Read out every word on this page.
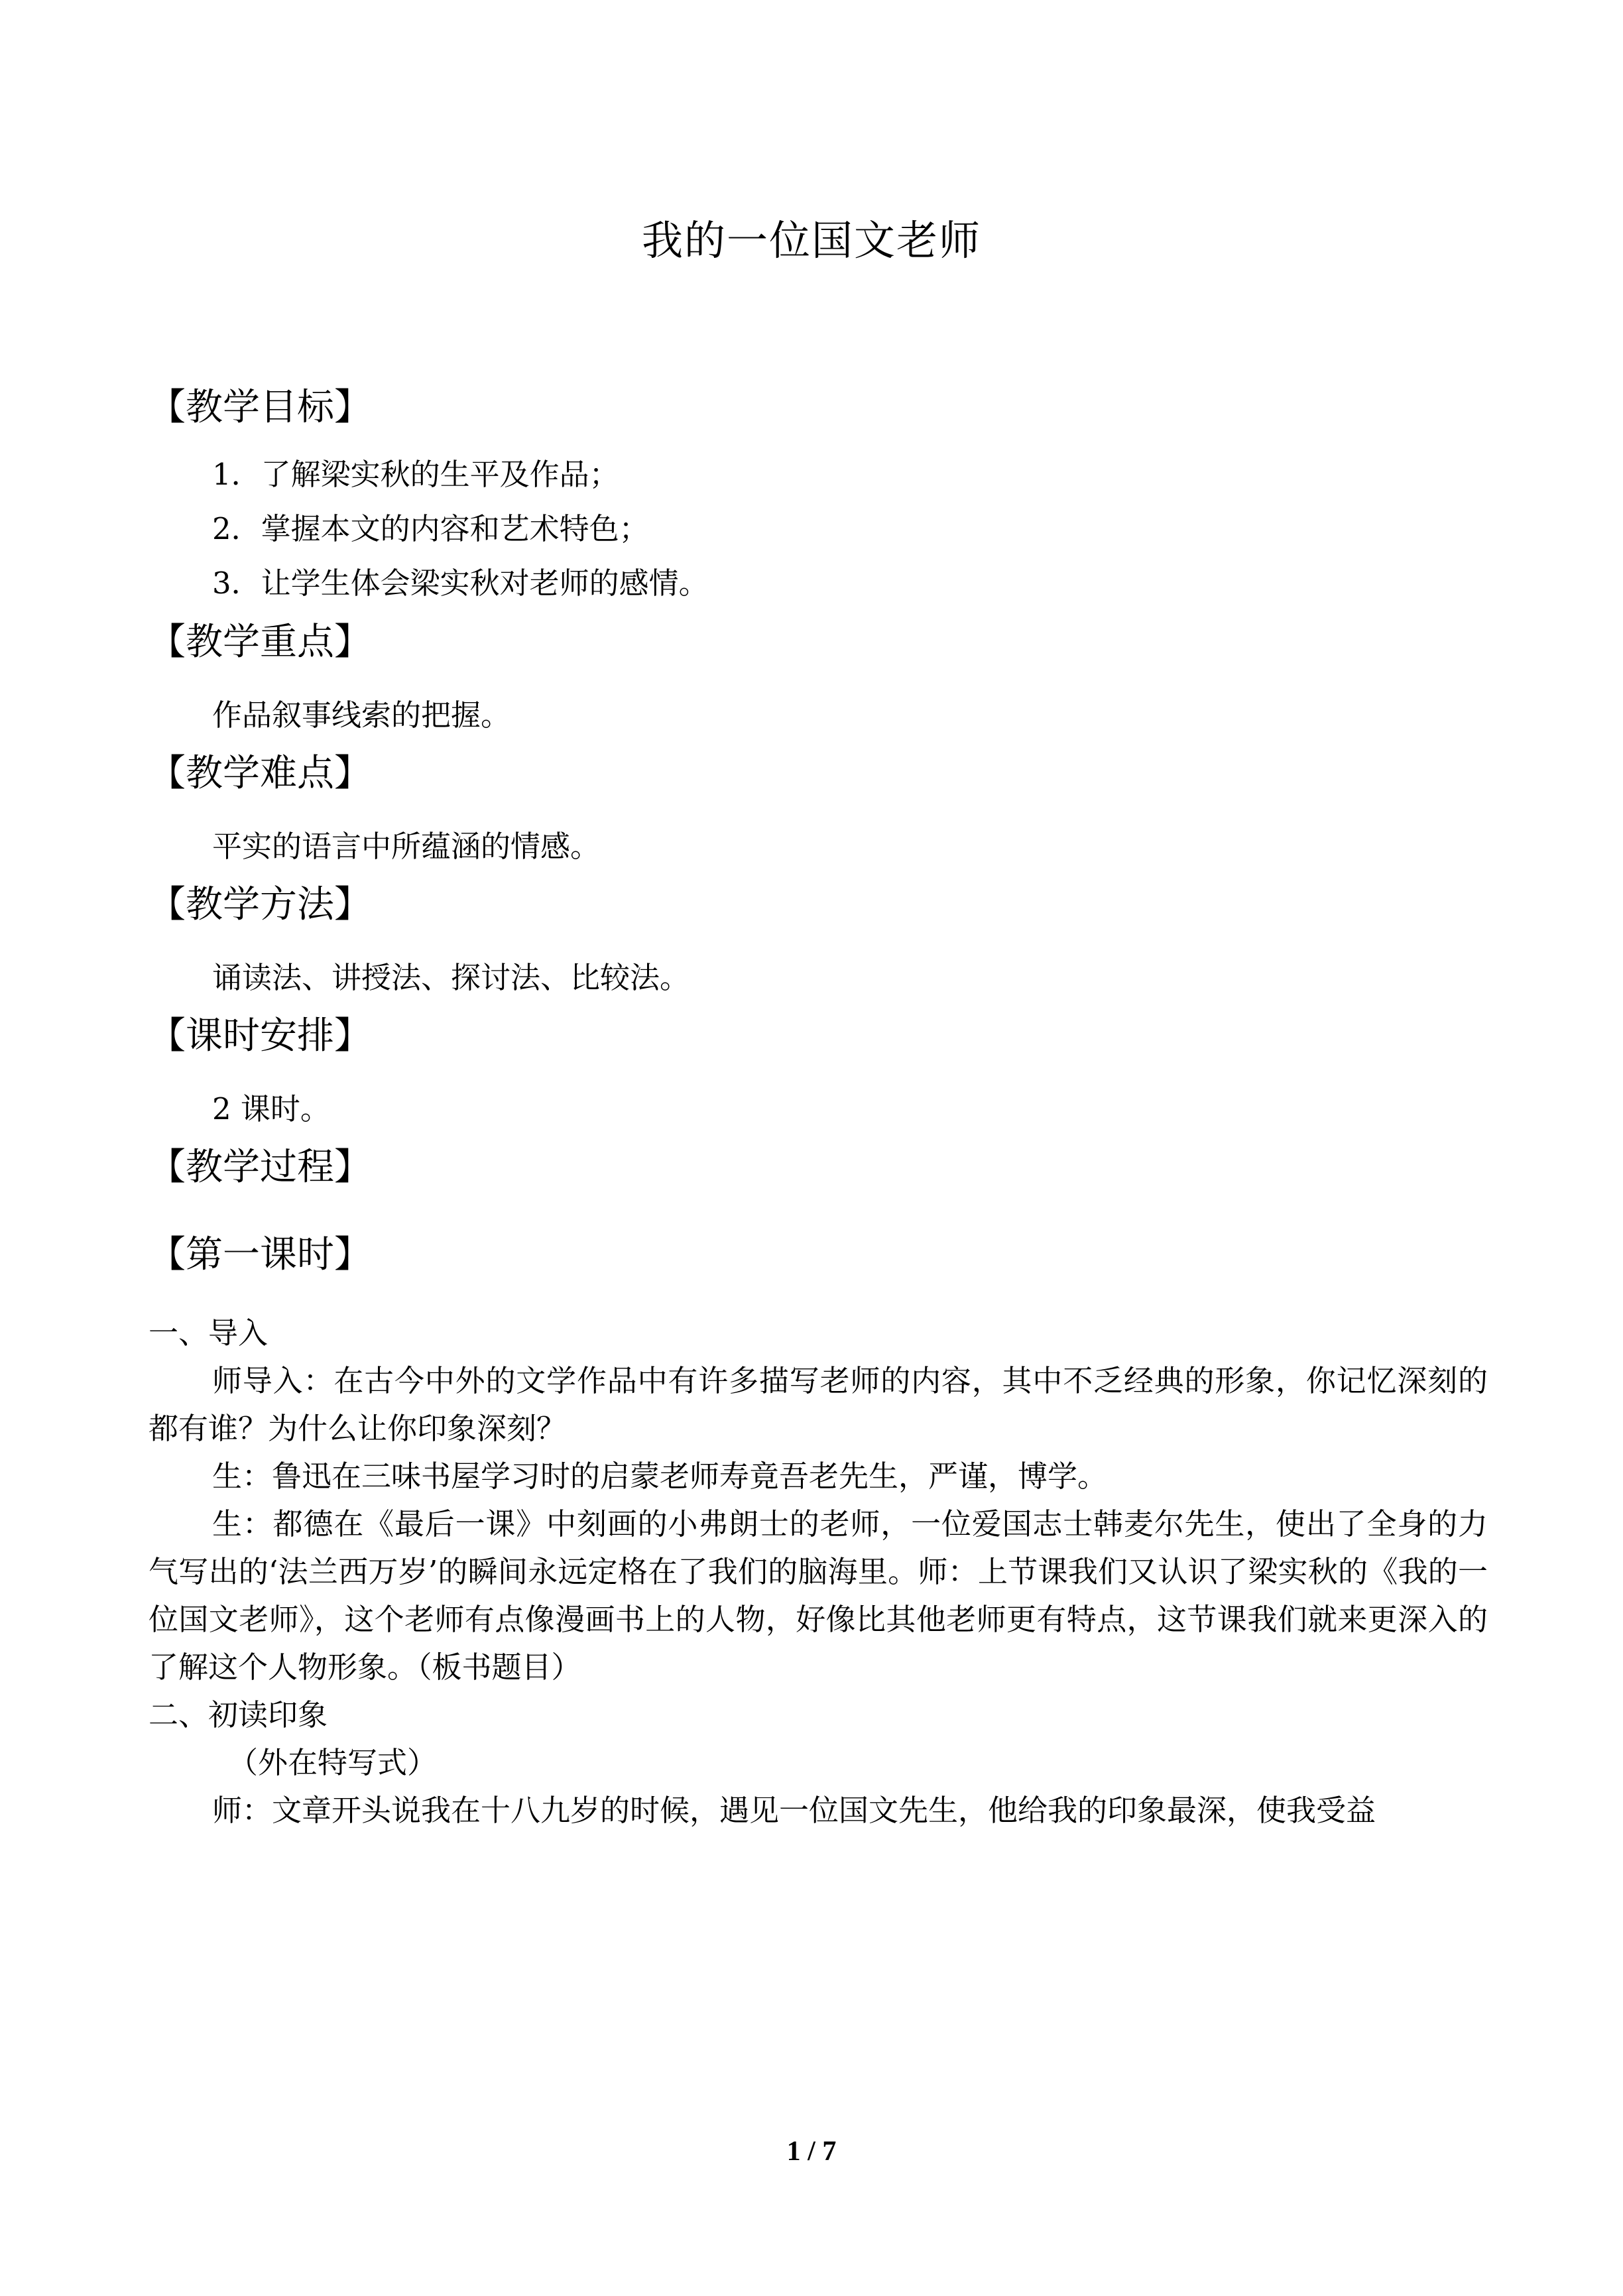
我的一位国文老师
【教学目标】
1．了解梁实秋的生平及作品；
2．掌握本文的内容和艺术特色；
3．让学生体会梁实秋对老师的感情。
【教学重点】
作品叙事线索的把握。
【教学难点】
平实的语言中所蕴涵的情感。
【教学方法】
诵读法、讲授法、探讨法、比较法。
【课时安排】
2 课时。
【教学过程】
【第一课时】
一、导入
师导入：在古今中外的文学作品中有许多描写老师的内容，其中不乏经典的形象，你记忆深刻的都有谁？为什么让你印象深刻？
生：鲁迅在三味书屋学习时的启蒙老师寿竟吾老先生，严谨，博学。
生：都德在《最后一课》中刻画的小弗朗士的老师，一位爱国志士韩麦尔先生，使出了全身的力气写出的‘法兰西万岁’的瞬间永远定格在了我们的脑海里。师：上节课我们又认识了梁实秋的《我的一位国文老师》，这个老师有点像漫画书上的人物，好像比其他老师更有特点，这节课我们就来更深入的了解这个人物形象。（板书题目）
二、初读印象
（外在特写式）
师：文章开头说我在十八九岁的时候，遇见一位国文先生，他给我的印象最深，使我受益
1 / 7
